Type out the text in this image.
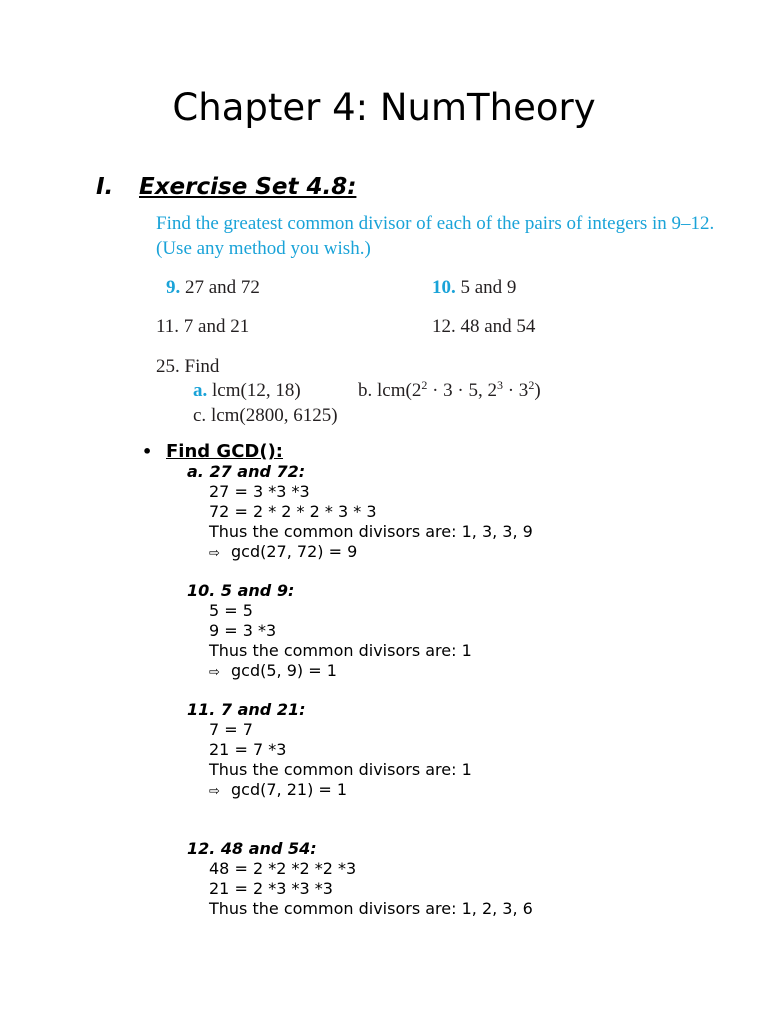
Chapter 4: NumTheory
I. Exercise Set 4.8:
Find the greatest common divisor of each of the pairs of integers in 9–12. (Use any method you wish.)
9. 27 and 72	10. 5 and 9
11. 7 and 21	12. 48 and 54
25. Find
a. lcm(12, 18)	b. $lcm(2^2 \cdot 3 \cdot 5$, $2^3 \cdot 3^2$)
c. lcm(2800, 6125)
• Find GCD():
a. 27 and 72:
27 = 3 *3 *3
72 = 2 * 2 * 2 * 3 * 3
Thus the common divisors are: 1, 3, 3, 9
⇨ gcd(27, 72) = 9
10. 5 and 9:
5 = 5
9 = 3 *3
Thus the common divisors are: 1
⇨ gcd(5, 9) = 1
11. 7 and 21:
7 = 7
21 = 7 *3
Thus the common divisors are: 1
⇨ gcd(7, 21) = 1
12. 48 and 54:
48 = 2 *2 *2 *2 *3
21 = 2 *3 *3 *3
Thus the common divisors are: 1, 2, 3, 6
